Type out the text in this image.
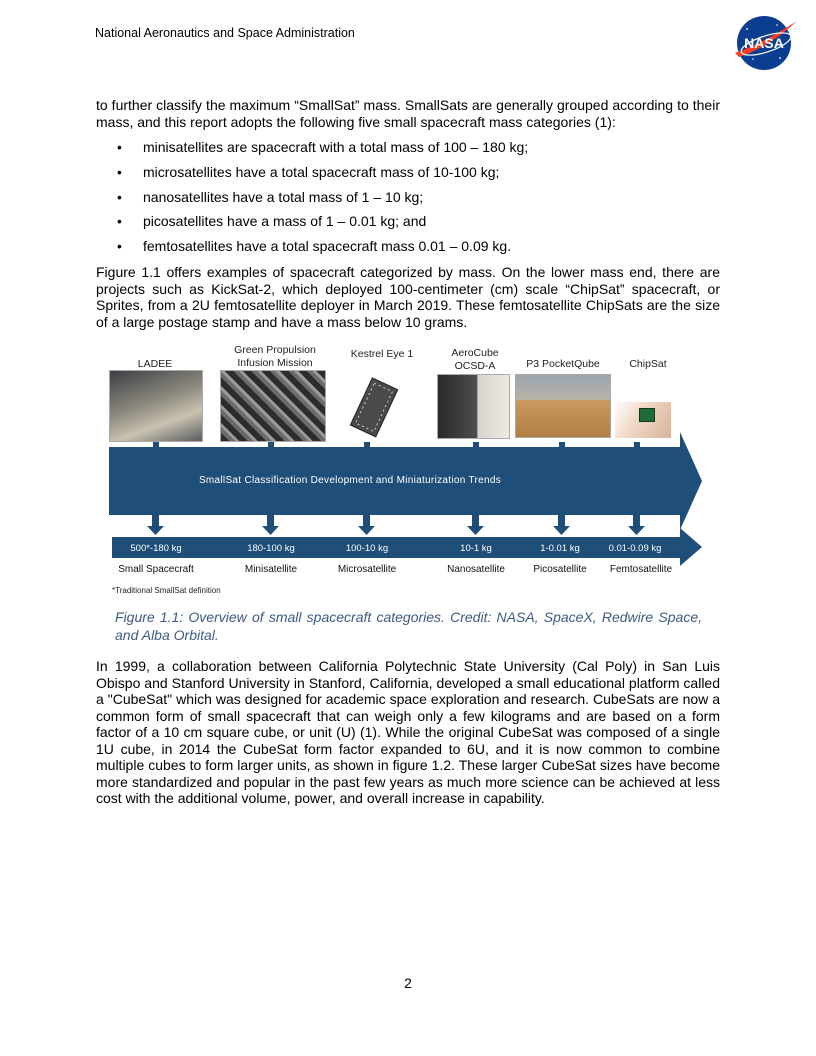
National Aeronautics and Space Administration
NASA
to further classify the maximum “SmallSat” mass. SmallSats are generally grouped according to their mass, and this report adopts the following five small spacecraft mass categories (1):
•	minisatellites are spacecraft with a total mass of 100 – 180 kg;
•	microsatellites have a total spacecraft mass of 10-100 kg;
•	nanosatellites have a total mass of 1 – 10 kg;
•	picosatellites have a mass of 1 – 0.01 kg; and
•	femtosatellites have a total spacecraft mass 0.01 – 0.09 kg.
Figure 1.1 offers examples of spacecraft categorized by mass. On the lower mass end, there are projects such as KickSat-2, which deployed 100-centimeter (cm) scale “ChipSat” spacecraft, or Sprites, from a 2U femtosatellite deployer in March 2019. These femtosatellite ChipSats are the size of a large postage stamp and have a mass below 10 grams.
LADEE
Green Propulsion Infusion Mission
Kestrel Eye 1	AeroCube OCSD-A	P3 PocketQube	ChipSat
SmallSat Classification Development and Miniaturization Trends
500*-180 kg	180-100 kg	100-10 kg	10-1 kg	1-0.01 kg	0.01-0.09 kg
Small Spacecraft	Minisatellite	Microsatellite	Nanosatellite	Picosatellite	Femtosatellite
*Traditional SmallSat definition
Figure 1.1: Overview of small spacecraft categories. Credit: NASA, SpaceX, Redwire Space, and Alba Orbital.
In 1999, a collaboration between California Polytechnic State University (Cal Poly) in San Luis Obispo and Stanford University in Stanford, California, developed a small educational platform called a "CubeSat" which was designed for academic space exploration and research. CubeSats are now a common form of small spacecraft that can weigh only a few kilograms and are based on a form factor of a 10 cm square cube, or unit (U) (1). While the original CubeSat was composed of a single 1U cube, in 2014 the CubeSat form factor expanded to 6U, and it is now common to combine multiple cubes to form larger units, as shown in figure 1.2. These larger CubeSat sizes have become more standardized and popular in the past few years as much more science can be achieved at less cost with the additional volume, power, and overall increase in capability.
2
